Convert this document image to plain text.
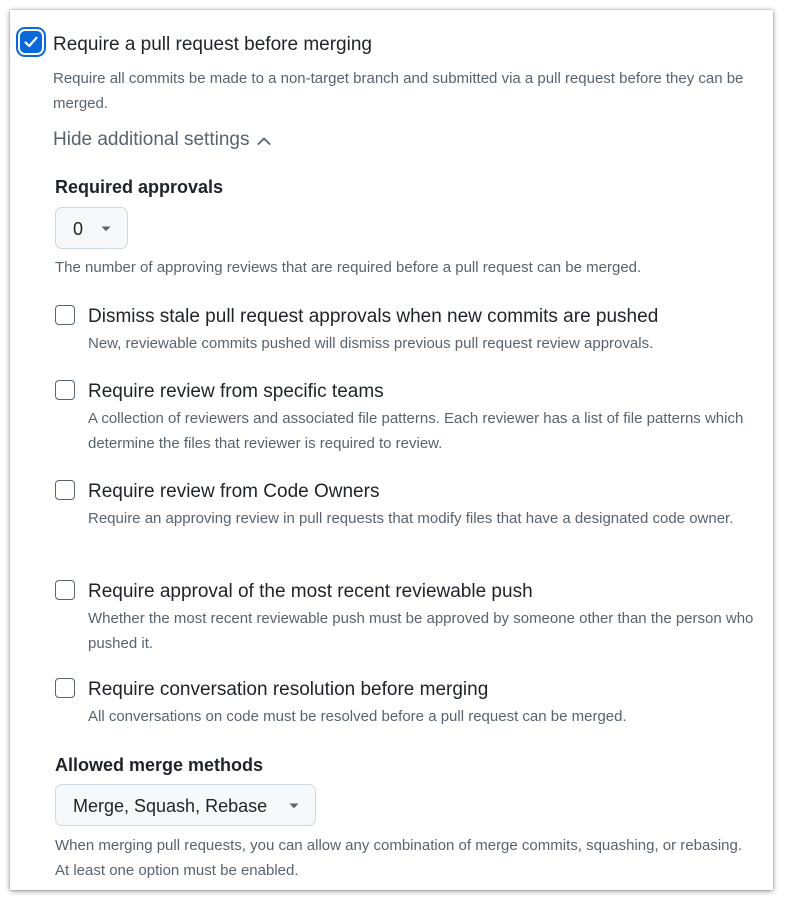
Require a pull request before merging
Require all commits be made to a non-target branch and submitted via a pull request before they can be merged.
Hide additional settings
Required approvals
0
The number of approving reviews that are required before a pull request can be merged.
Dismiss stale pull request approvals when new commits are pushed
New, reviewable commits pushed will dismiss previous pull request review approvals.
Require review from specific teams
A collection of reviewers and associated file patterns. Each reviewer has a list of file patterns which determine the files that reviewer is required to review.
Require review from Code Owners
Require an approving review in pull requests that modify files that have a designated code owner.
Require approval of the most recent reviewable push
Whether the most recent reviewable push must be approved by someone other than the person who pushed it.
Require conversation resolution before merging
All conversations on code must be resolved before a pull request can be merged.
Allowed merge methods
Merge, Squash, Rebase
When merging pull requests, you can allow any combination of merge commits, squashing, or rebasing. At least one option must be enabled.
